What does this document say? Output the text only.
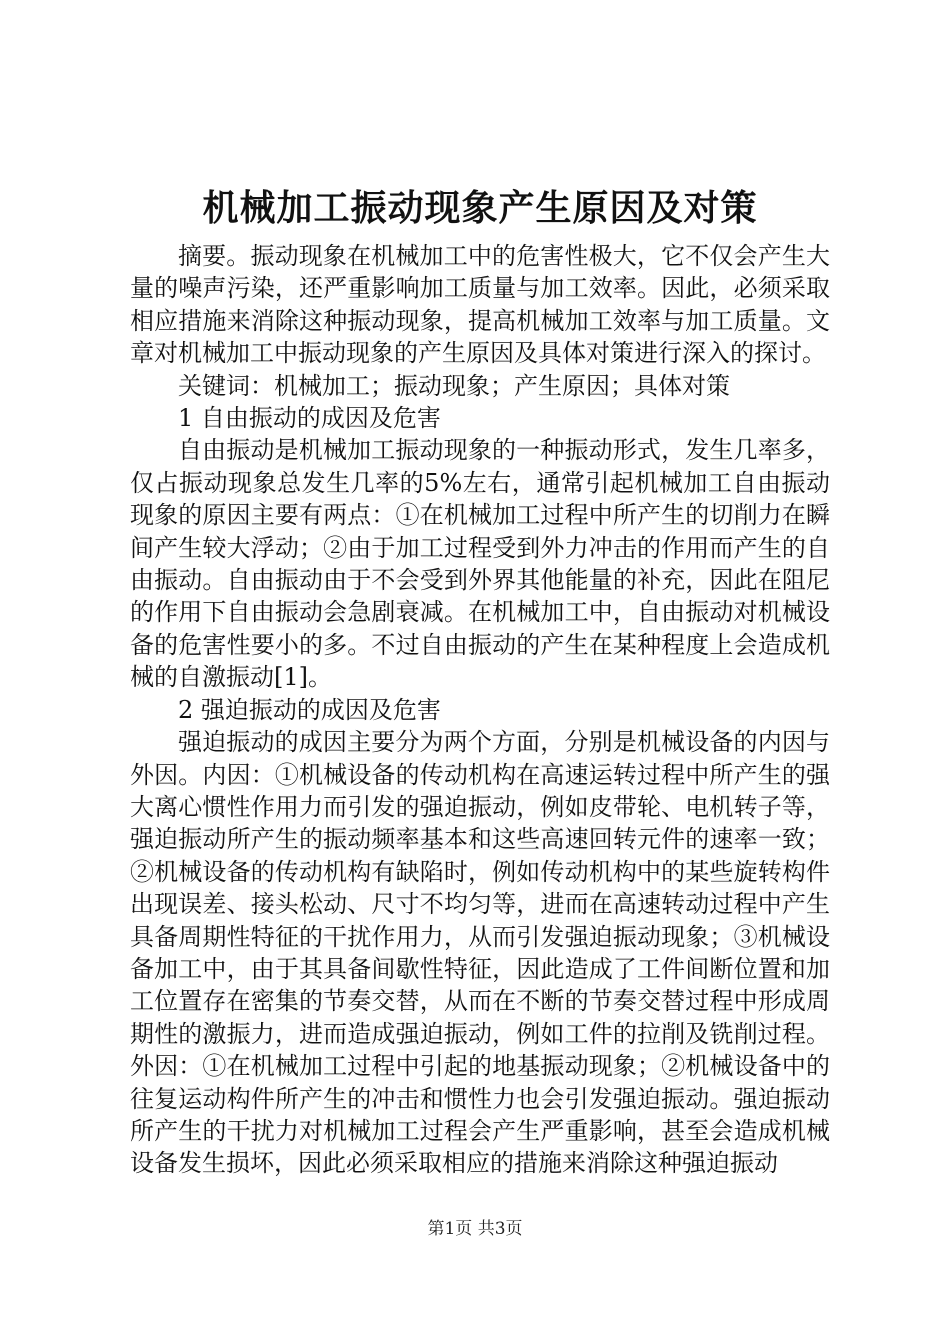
机械加工振动现象产生原因及对策

摘要。振动现象在机械加工中的危害性极大，它不仅会产生大量的噪声污染，还严重影响加工质量与加工效率。因此，必须采取相应措施来消除这种振动现象，提高机械加工效率与加工质量。文章对机械加工中振动现象的产生原因及具体对策进行深入的探讨。

关键词：机械加工；振动现象；产生原因；具体对策

1 自由振动的成因及危害

自由振动是机械加工振动现象的一种振动形式，发生几率多，仅占振动现象总发生几率的5%左右，通常引起机械加工自由振动现象的原因主要有两点：①在机械加工过程中所产生的切削力在瞬间产生较大浮动；②由于加工过程受到外力冲击的作用而产生的自由振动。自由振动由于不会受到外界其他能量的补充，因此在阻尼的作用下自由振动会急剧衰减。在机械加工中，自由振动对机械设备的危害性要小的多。不过自由振动的产生在某种程度上会造成机械的自激振动[1]。

2 强迫振动的成因及危害

强迫振动的成因主要分为两个方面，分别是机械设备的内因与外因。内因：①机械设备的传动机构在高速运转过程中所产生的强大离心惯性作用力而引发的强迫振动，例如皮带轮、电机转子等，强迫振动所产生的振动频率基本和这些高速回转元件的速率一致；②机械设备的传动机构有缺陷时，例如传动机构中的某些旋转构件出现误差、接头松动、尺寸不均匀等，进而在高速转动过程中产生具备周期性特征的干扰作用力，从而引发强迫振动现象；③机械设备加工中，由于其具备间歇性特征，因此造成了工件间断位置和加工位置存在密集的节奏交替，从而在不断的节奏交替过程中形成周期性的激振力，进而造成强迫振动，例如工件的拉削及铣削过程。外因：①在机械加工过程中引起的地基振动现象；②机械设备中的往复运动构件所产生的冲击和惯性力也会引发强迫振动。强迫振动所产生的干扰力对机械加工过程会产生严重影响，甚至会造成机械设备发生损坏，因此必须采取相应的措施来消除这种强迫振动

第1页 共3页
